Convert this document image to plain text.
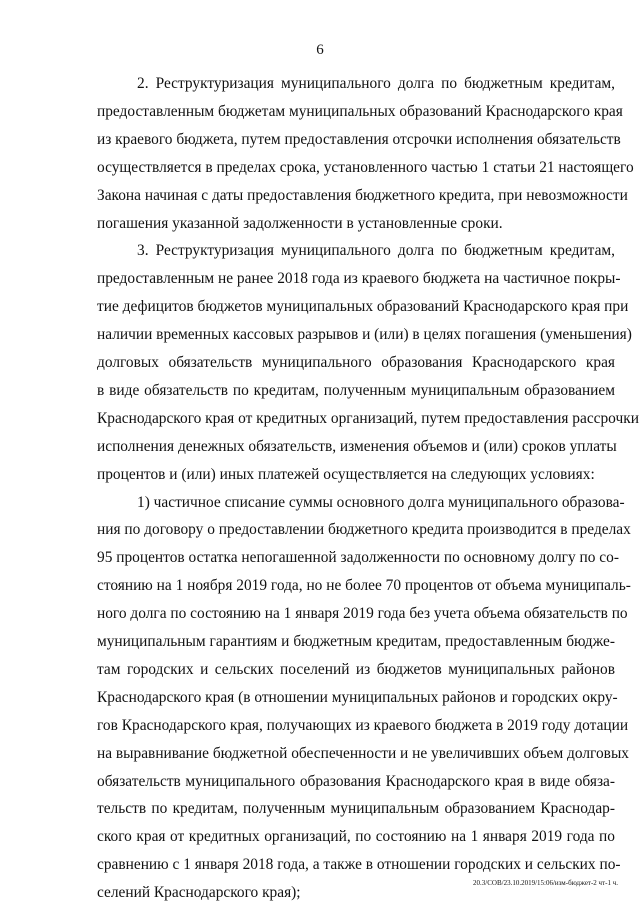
6
2. Реструктуризация муниципального долга по бюджетным кредитам,
предоставленным бюджетам муниципальных образований Краснодарского края
из краевого бюджета, путем предоставления отсрочки исполнения обязательств
осуществляется в пределах срока, установленного частью 1 статьи 21 настоящего
Закона начиная с даты предоставления бюджетного кредита, при невозможности
погашения указанной задолженности в установленные сроки.
3. Реструктуризация муниципального долга по бюджетным кредитам,
предоставленным не ранее 2018 года из краевого бюджета на частичное покры-
тие дефицитов бюджетов муниципальных образований Краснодарского края при
наличии временных кассовых разрывов и (или) в целях погашения (уменьшения)
долговых обязательств муниципального образования Краснодарского края
в виде обязательств по кредитам, полученным муниципальным образованием
Краснодарского края от кредитных организаций, путем предоставления рассрочки
исполнения денежных обязательств, изменения объемов и (или) сроков уплаты
процентов и (или) иных платежей осуществляется на следующих условиях:
1) частичное списание суммы основного долга муниципального образова-
ния по договору о предоставлении бюджетного кредита производится в пределах
95 процентов остатка непогашенной задолженности по основному долгу по со-
стоянию на 1 ноября 2019 года, но не более 70 процентов от объема муниципаль-
ного долга по состоянию на 1 января 2019 года без учета объема обязательств по
муниципальным гарантиям и бюджетным кредитам, предоставленным бюдже-
там городских и сельских поселений из бюджетов муниципальных районов
Краснодарского края (в отношении муниципальных районов и городских окру-
гов Краснодарского края, получающих из краевого бюджета в 2019 году дотации
на выравнивание бюджетной обеспеченности и не увеличивших объем долговых
обязательств муниципального образования Краснодарского края в виде обяза-
тельств по кредитам, полученным муниципальным образованием Краснодар-
ского края от кредитных организаций, по состоянию на 1 января 2019 года по
сравнению с 1 января 2018 года, а также в отношении городских и сельских по-
селений Краснодарского края);
20.3/СОВ/23.10.2019/15:06/изм-бюджет-2 чт-1 ч.
